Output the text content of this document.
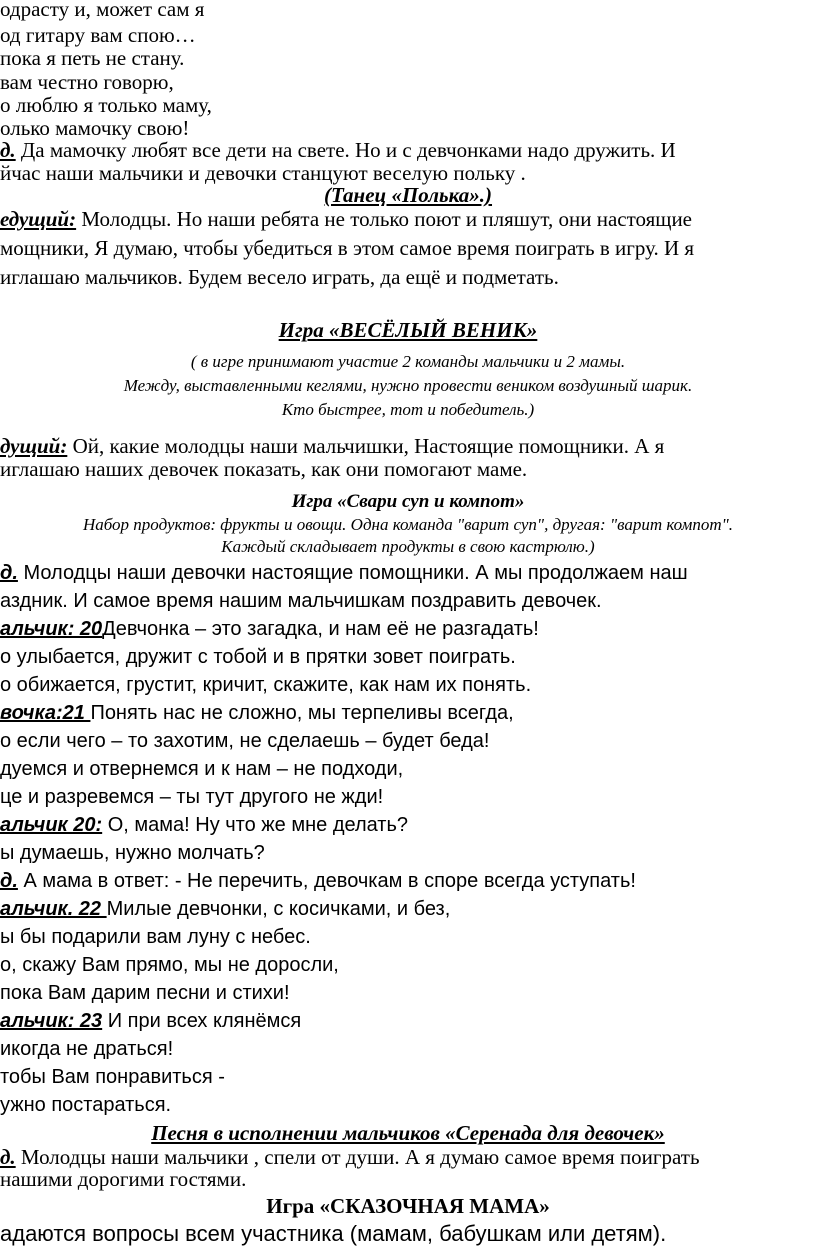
одрасту и, может сам я

од гитару вам спою…

пока я петь не стану.

вам честно говорю,

о люблю я только маму,

олько мамочку свою!

д. Да мамочку любят все дети на свете. Но и с девчонками надо дружить. И

йчас наши мальчики и девочки станцуют веселую польку .

(Танец «Полька».)

едущий: Молодцы. Но наши ребята не только поют и пляшут, они настоящие

мощники, Я думаю, чтобы убедиться в этом самое время поиграть в игру. И я

иглашаю мальчиков. Будем весело играть, да ещё и подметать.

Игра «ВЕСЁЛЫЙ ВЕНИК»

( в игре принимают участие 2 команды мальчики и 2 мамы.

Между, выставленными кеглями, нужно провести веником воздушный шарик.

Кто быстрее, тот и победитель.)

дущий: Ой, какие молодцы наши мальчишки, Настоящие помощники. А я

иглашаю наших девочек показать, как они помогают маме.

Игра «Свари суп и компот»

Набор продуктов: фрукты и овощи. Одна команда "варит суп", другая: "варит компот".

Каждый складывает продукты в свою кастрюлю.)

д. Молодцы наши девочки настоящие помощники. А мы продолжаем наш

аздник. И самое время нашим мальчишкам поздравить девочек.

альчик: 20Девчонка – это загадка, и нам её не разгадать!

о улыбается, дружит с тобой и в прятки зовет поиграть.

о обижается, грустит, кричит, скажите, как нам их понять.

вочка:21 Понять нас не сложно, мы терпеливы всегда,

о если чего – то захотим, не сделаешь – будет беда!

дуемся и отвернемся и к нам – не подходи,

це и разревемся – ты тут другого не жди!

альчик 20: О, мама! Ну что же мне делать?

ы думаешь, нужно молчать?

д. А мама в ответ: - Не перечить, девочкам в споре всегда уступать!

альчик. 22 Милые девчонки, с косичками, и без,

ы бы подарили вам луну с небес.

о, скажу Вам прямо, мы не доросли,

пока Вам дарим песни и стихи!

альчик: 23 И при всех клянёмся

икогда не драться!

тобы Вам понравиться -

ужно постараться.

Песня в исполнении мальчиков «Серенада для девочек»

д. Молодцы наши мальчики , спели от души. А я думаю самое время поиграть

нашими дорогими гостями.

Игра «СКАЗОЧНАЯ МАМА»

адаются вопросы всем участника (мамам, бабушкам или детям).
